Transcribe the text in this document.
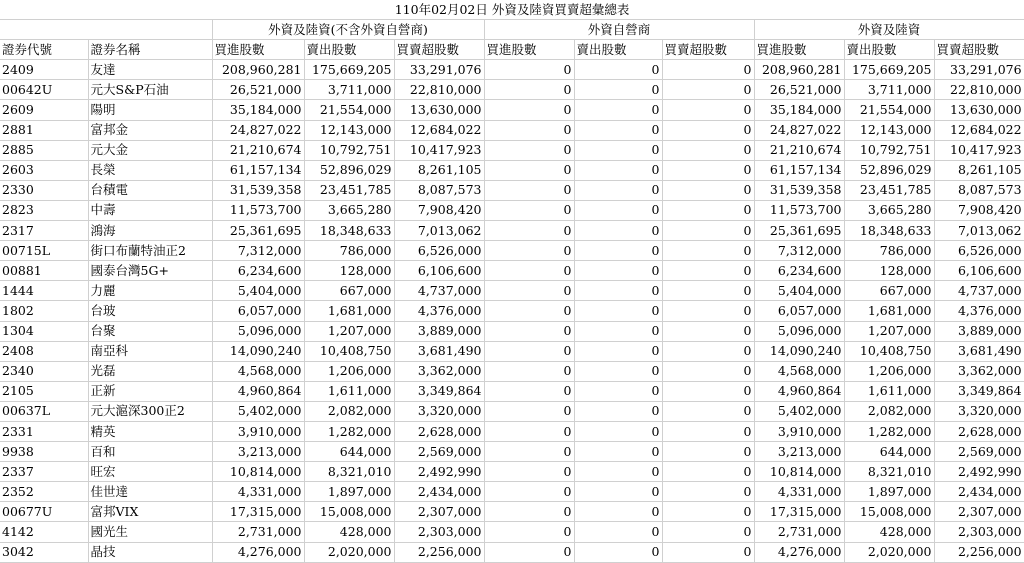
110年02月02日 外資及陸資買賣超彙總表										
		外資及陸資(不含外資自營商)			外資自營商			外資及陸資		
證券代號	證券名稱	買進股數	賣出股數	買賣超股數	買進股數	賣出股數	買賣超股數	買進股數	賣出股數	買賣超股數
2409	友達	208,960,281	175,669,205	33,291,076	0	0	0	208,960,281	175,669,205	33,291,076
00642U	元大S&P石油	26,521,000	3,711,000	22,810,000	0	0	0	26,521,000	3,711,000	22,810,000
2609	陽明	35,184,000	21,554,000	13,630,000	0	0	0	35,184,000	21,554,000	13,630,000
2881	富邦金	24,827,022	12,143,000	12,684,022	0	0	0	24,827,022	12,143,000	12,684,022
2885	元大金	21,210,674	10,792,751	10,417,923	0	0	0	21,210,674	10,792,751	10,417,923
2603	長榮	61,157,134	52,896,029	8,261,105	0	0	0	61,157,134	52,896,029	8,261,105
2330	台積電	31,539,358	23,451,785	8,087,573	0	0	0	31,539,358	23,451,785	8,087,573
2823	中壽	11,573,700	3,665,280	7,908,420	0	0	0	11,573,700	3,665,280	7,908,420
2317	鴻海	25,361,695	18,348,633	7,013,062	0	0	0	25,361,695	18,348,633	7,013,062
00715L	街口布蘭特油正2	7,312,000	786,000	6,526,000	0	0	0	7,312,000	786,000	6,526,000
00881	國泰台灣5G+	6,234,600	128,000	6,106,600	0	0	0	6,234,600	128,000	6,106,600
1444	力麗	5,404,000	667,000	4,737,000	0	0	0	5,404,000	667,000	4,737,000
1802	台玻	6,057,000	1,681,000	4,376,000	0	0	0	6,057,000	1,681,000	4,376,000
1304	台聚	5,096,000	1,207,000	3,889,000	0	0	0	5,096,000	1,207,000	3,889,000
2408	南亞科	14,090,240	10,408,750	3,681,490	0	0	0	14,090,240	10,408,750	3,681,490
2340	光磊	4,568,000	1,206,000	3,362,000	0	0	0	4,568,000	1,206,000	3,362,000
2105	正新	4,960,864	1,611,000	3,349,864	0	0	0	4,960,864	1,611,000	3,349,864
00637L	元大滬深300正2	5,402,000	2,082,000	3,320,000	0	0	0	5,402,000	2,082,000	3,320,000
2331	精英	3,910,000	1,282,000	2,628,000	0	0	0	3,910,000	1,282,000	2,628,000
9938	百和	3,213,000	644,000	2,569,000	0	0	0	3,213,000	644,000	2,569,000
2337	旺宏	10,814,000	8,321,010	2,492,990	0	0	0	10,814,000	8,321,010	2,492,990
2352	佳世達	4,331,000	1,897,000	2,434,000	0	0	0	4,331,000	1,897,000	2,434,000
00677U	富邦VIX	17,315,000	15,008,000	2,307,000	0	0	0	17,315,000	15,008,000	2,307,000
4142	國光生	2,731,000	428,000	2,303,000	0	0	0	2,731,000	428,000	2,303,000
3042	晶技	4,276,000	2,020,000	2,256,000	0	0	0	4,276,000	2,020,000	2,256,000
